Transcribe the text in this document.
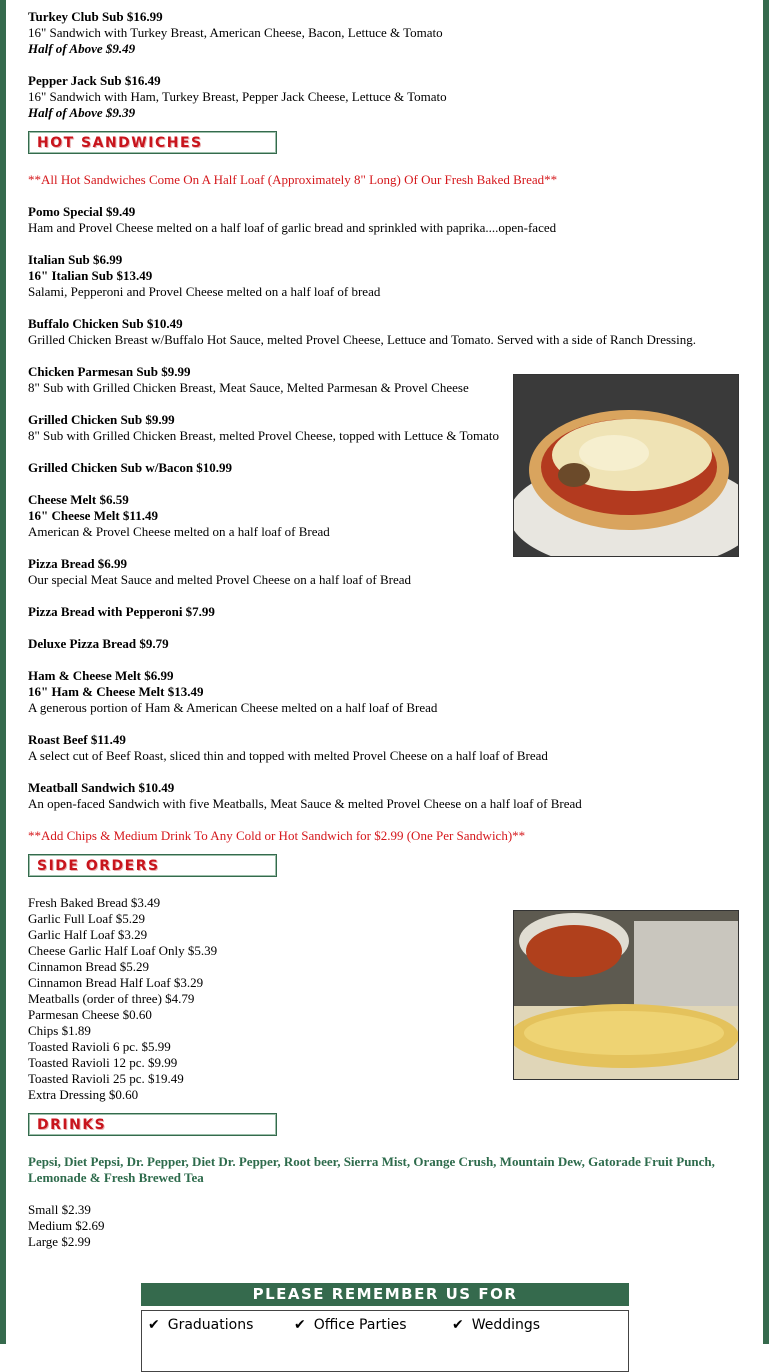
Turkey Club Sub $16.99
16" Sandwich with Turkey Breast, American Cheese, Bacon, Lettuce & Tomato
Half of Above $9.49
Pepper Jack Sub $16.49
16" Sandwich with Ham, Turkey Breast, Pepper Jack Cheese, Lettuce & Tomato
Half of Above $9.39
HOT SANDWICHES
**All Hot Sandwiches Come On A Half Loaf (Approximately 8" Long) Of Our Fresh Baked Bread**
Pomo Special $9.49
Ham and Provel Cheese melted on a half loaf of garlic bread and sprinkled with paprika....open-faced
Italian Sub $6.99
16" Italian Sub $13.49
Salami, Pepperoni and Provel Cheese melted on a half loaf of bread
Buffalo Chicken Sub $10.49
Grilled Chicken Breast w/Buffalo Hot Sauce, melted Provel Cheese, Lettuce and Tomato. Served with a side of Ranch Dressing.
Chicken Parmesan Sub $9.99
8" Sub with Grilled Chicken Breast, Meat Sauce, Melted Parmesan & Provel Cheese
Grilled Chicken Sub $9.99
8" Sub with Grilled Chicken Breast, melted Provel Cheese, topped with Lettuce & Tomato
Grilled Chicken Sub w/Bacon $10.99
Cheese Melt $6.59
16" Cheese Melt $11.49
American & Provel Cheese melted on a half loaf of Bread
Pizza Bread $6.99
Our special Meat Sauce and melted Provel Cheese on a half loaf of Bread
Pizza Bread with Pepperoni $7.99
Deluxe Pizza Bread $9.79
Ham & Cheese Melt $6.99
16" Ham & Cheese Melt $13.49
A generous portion of Ham & American Cheese melted on a half loaf of Bread
Roast Beef $11.49
A select cut of Beef Roast, sliced thin and topped with melted Provel Cheese on a half loaf of Bread
Meatball Sandwich $10.49
An open-faced Sandwich with five Meatballs, Meat Sauce & melted Provel Cheese on a half loaf of Bread
**Add Chips & Medium Drink To Any Cold or Hot Sandwich for $2.99 (One Per Sandwich)**
SIDE ORDERS
Fresh Baked Bread $3.49
Garlic Full Loaf $5.29
Garlic Half Loaf $3.29
Cheese Garlic Half Loaf Only $5.39
Cinnamon Bread $5.29
Cinnamon Bread Half Loaf $3.29
Meatballs (order of three) $4.79
Parmesan Cheese $0.60
Chips $1.89
Toasted Ravioli 6 pc. $5.99
Toasted Ravioli 12 pc. $9.99
Toasted Ravioli 25 pc. $19.49
Extra Dressing $0.60
DRINKS
Pepsi, Diet Pepsi, Dr. Pepper, Diet Dr. Pepper, Root beer, Sierra Mist, Orange Crush, Mountain Dew, Gatorade Fruit Punch, Lemonade & Fresh Brewed Tea
Small $2.39
Medium $2.69
Large $2.99
PLEASE REMEMBER US FOR
✔ Graduations	✔ Office Parties	✔ Weddings
